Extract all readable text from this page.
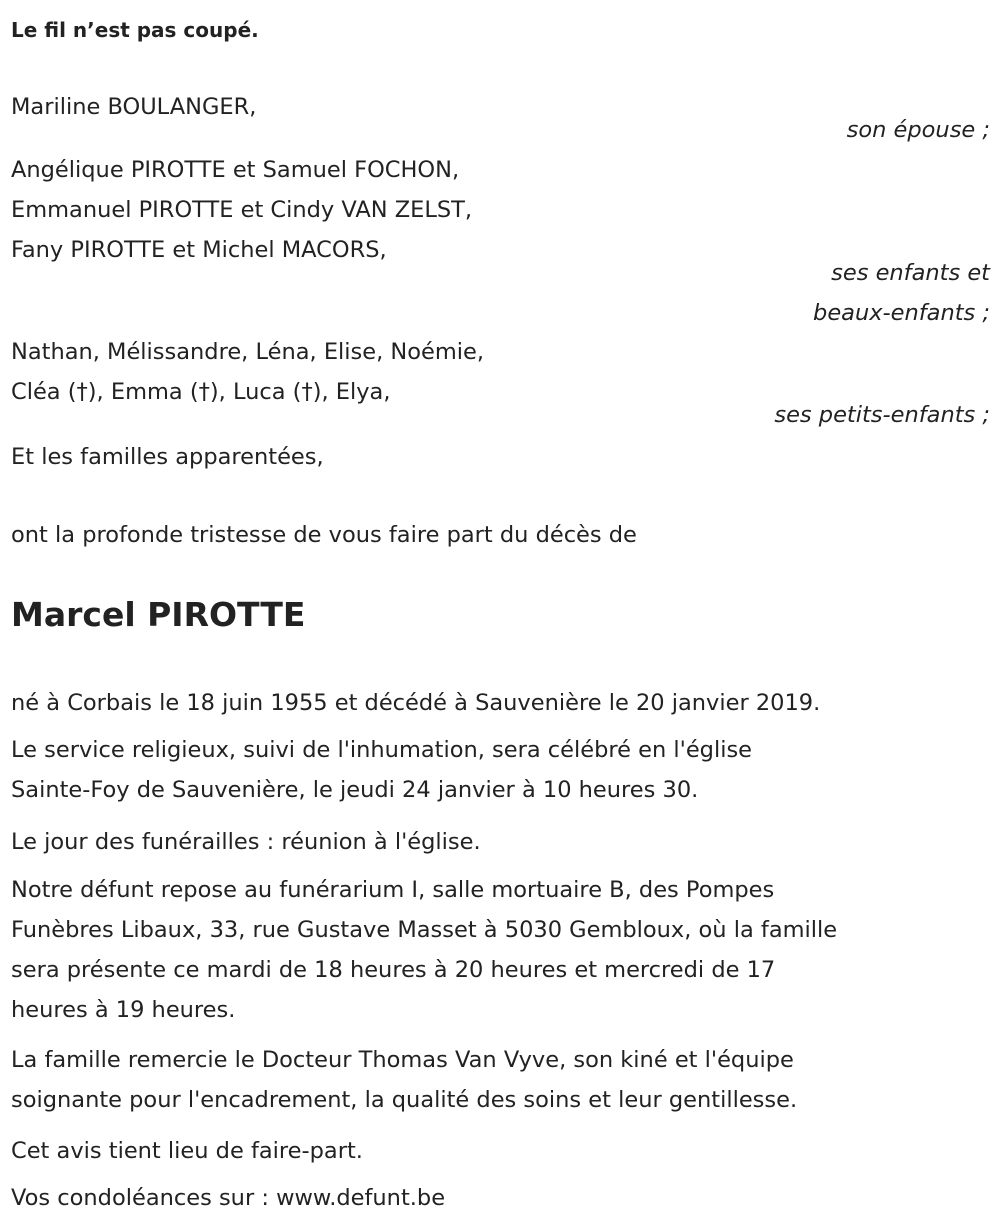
Le fil n’est pas coupé.
Mariline BOULANGER,
son épouse ;
Angélique PIROTTE et Samuel FOCHON,
Emmanuel PIROTTE et Cindy VAN ZELST,
Fany PIROTTE et Michel MACORS,
ses enfants et
beaux-enfants ;
Nathan, Mélissandre, Léna, Elise, Noémie,
Cléa (†), Emma (†), Luca (†), Elya,
ses petits-enfants ;
Et les familles apparentées,
ont la profonde tristesse de vous faire part du décès de
Marcel PIROTTE
né à Corbais le 18 juin 1955 et décédé à Sauvenière le 20 janvier 2019.
Le service religieux, suivi de l'inhumation, sera célébré en l'église
Sainte-Foy de Sauvenière, le jeudi 24 janvier à 10 heures 30.
Le jour des funérailles : réunion à l'église.
Notre défunt repose au funérarium I, salle mortuaire B, des Pompes
Funèbres Libaux, 33, rue Gustave Masset à 5030 Gembloux, où la famille
sera présente ce mardi de 18 heures à 20 heures et mercredi de 17
heures à 19 heures.
La famille remercie le Docteur Thomas Van Vyve, son kiné et l'équipe
soignante pour l'encadrement, la qualité des soins et leur gentillesse.
Cet avis tient lieu de faire-part.
Vos condoléances sur : www.defunt.be
